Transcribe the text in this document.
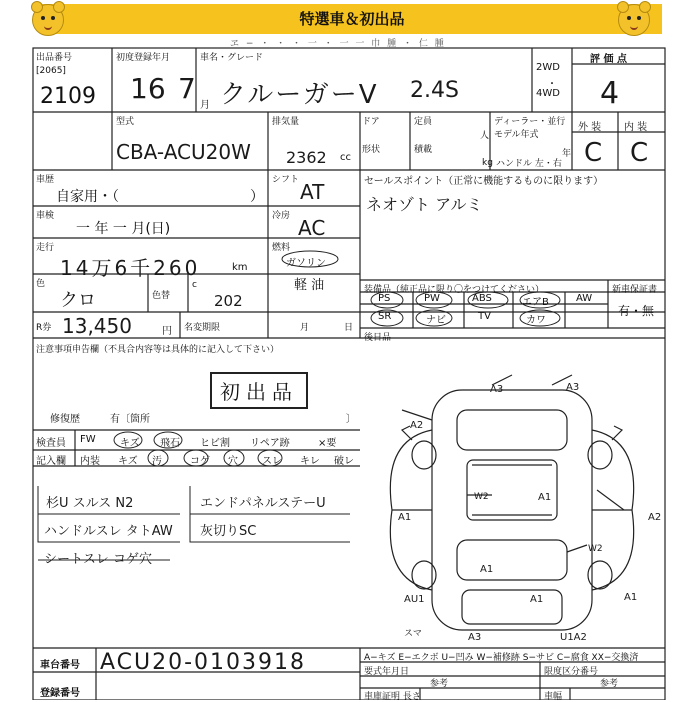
特選車＆初出品
ヱ − ・ ・ ・ 一 ・ 一 一 巾 腫 ・ 仁 腫
出品番号
[2065]
2109
初度登録年月
16 7
月
車名・グレード
クルーガーV 2.4S
2WD
・
4WD
評 価 点
4
型式
CBA-ACU20W
排気量
2362 cc
ドア	定員
人
ディーラー・並行
モデル年式
年
ハンドル 左・右
形状	積載
kg
外 装 内 装
C C
車歴
自家用・（	）
シフト AT	セールスポイント（正常に機能するものに限ります）
ネオゾト アルミ
車検
一 年 一 月(日)
冷房 AC
走行
14万6千260	km
燃料
ガソリン
軽 油
色
クロ	色替
c
202
装備品（純正品に限り〇をつけてください）	新車保証書
有・無
PS	PW	ABS	エアB	AW
SR	ナビ	TV	カワ
後日品
R券 13,450	円 名変期限	月	日
注意事項申告欄（不具合内容等は具体的に記入して下さい）
初出品
修復歴	有〔箇所	〕
検査員 FW キズ 飛石 ヒビ割 リペア跡	×要
記入欄 内装 キズ 汚	コゲ 穴 スレ キレ 破レ
杉U スルス N2	エンドパネルステーU
ハンドルスレ タトAW 灰切りSC
シートスレ コゲ穴
A3	A3
A2
A2
W2
A1
A1
W2
A1	A1
AU1
A1
U1A2
A3
スマ
車台番号 ACU20-0103918
登録番号
A−キズ E−エクボ U−凹み W−補修跡 S−サビ C−腐食 XX−交換済
要式年月日
参考
限度区分番号
参考
車庫証明 長さ	車幅
